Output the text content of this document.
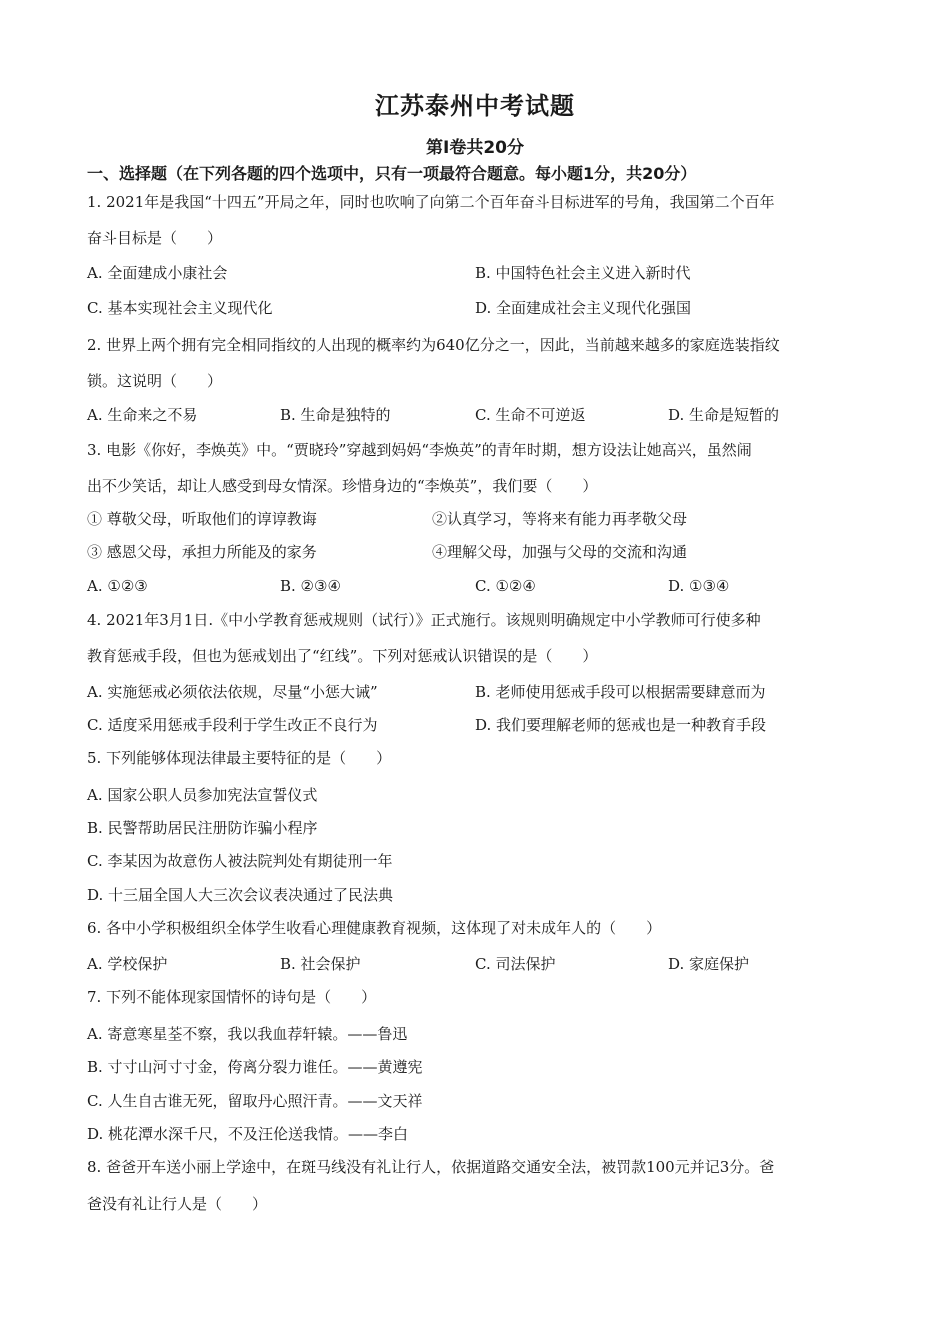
江苏泰州中考试题
第Ⅰ卷共20分
一、选择题（在下列各题的四个选项中，只有一项最符合题意。每小题1分，共20分）
1. 2021年是我国“十四五”开局之年，同时也吹响了向第二个百年奋斗目标进军的号角，我国第二个百年
奋斗目标是（　　）
A. 全面建成小康社会	B. 中国特色社会主义进入新时代
C. 基本实现社会主义现代化	D. 全面建成社会主义现代化强国
2. 世界上两个拥有完全相同指纹的人出现的概率约为640亿分之一，因此，当前越来越多的家庭选装指纹
锁。这说明（　　）
A. 生命来之不易	B. 生命是独特的	C. 生命不可逆返	D. 生命是短暂的
3. 电影《你好，李焕英》中。“贾晓玲”穿越到妈妈“李焕英”的青年时期，想方设法让她高兴，虽然闹
出不少笑话，却让人感受到母女情深。珍惜身边的“李焕英”，我们要（　　）
① 尊敬父母，听取他们的谆谆教诲	②认真学习，等将来有能力再孝敬父母
③ 感恩父母，承担力所能及的家务	④理解父母，加强与父母的交流和沟通
A. ①②③	B. ②③④	C. ①②④	D. ①③④
4. 2021年3月1日.《中小学教育惩戒规则（试行）》正式施行。该规则明确规定中小学教师可行使多种
教育惩戒手段，但也为惩戒划出了“红线”。下列对惩戒认识错误的是（　　）
A. 实施惩戒必须依法依规，尽量“小惩大诫”	B. 老师使用惩戒手段可以根据需要肆意而为
C. 适度采用惩戒手段利于学生改正不良行为	D. 我们要理解老师的惩戒也是一种教育手段
5. 下列能够体现法律最主要特征的是（　　）
A. 国家公职人员参加宪法宣誓仪式
B. 民警帮助居民注册防诈骗小程序
C. 李某因为故意伤人被法院判处有期徒刑一年
D. 十三届全国人大三次会议表决通过了民法典
6. 各中小学积极组织全体学生收看心理健康教育视频，这体现了对未成年人的（　　）
A. 学校保护	B. 社会保护	C. 司法保护	D. 家庭保护
7. 下列不能体现家国情怀的诗句是（　　）
A. 寄意寒星荃不察，我以我血荐轩辕。——鲁迅
B. 寸寸山河寸寸金，侉离分裂力谁任。——黄遵宪
C. 人生自古谁无死，留取丹心照汗青。——文天祥
D. 桃花潭水深千尺，不及汪伦送我情。——李白
8. 爸爸开车送小丽上学途中，在斑马线没有礼让行人，依据道路交通安全法，被罚款100元并记3分。爸
爸没有礼让行人是（　　）
